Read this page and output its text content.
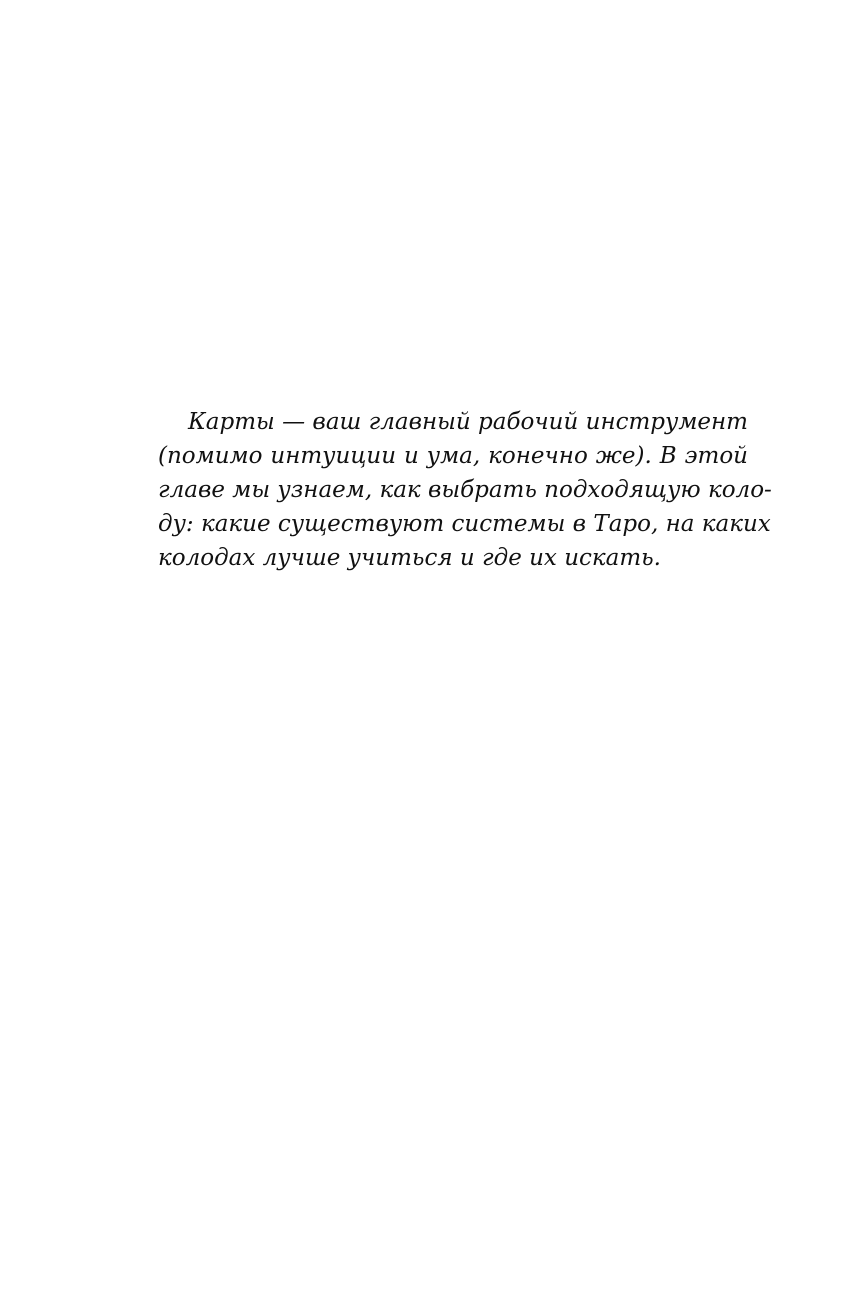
Карты — ваш главный рабочий инструмент
(помимо интуиции и ума, конечно же). В этой
главе мы узнаем, как выбрать подходящую коло-
ду: какие существуют системы в Таро, на каких
колодах лучше учиться и где их искать.
